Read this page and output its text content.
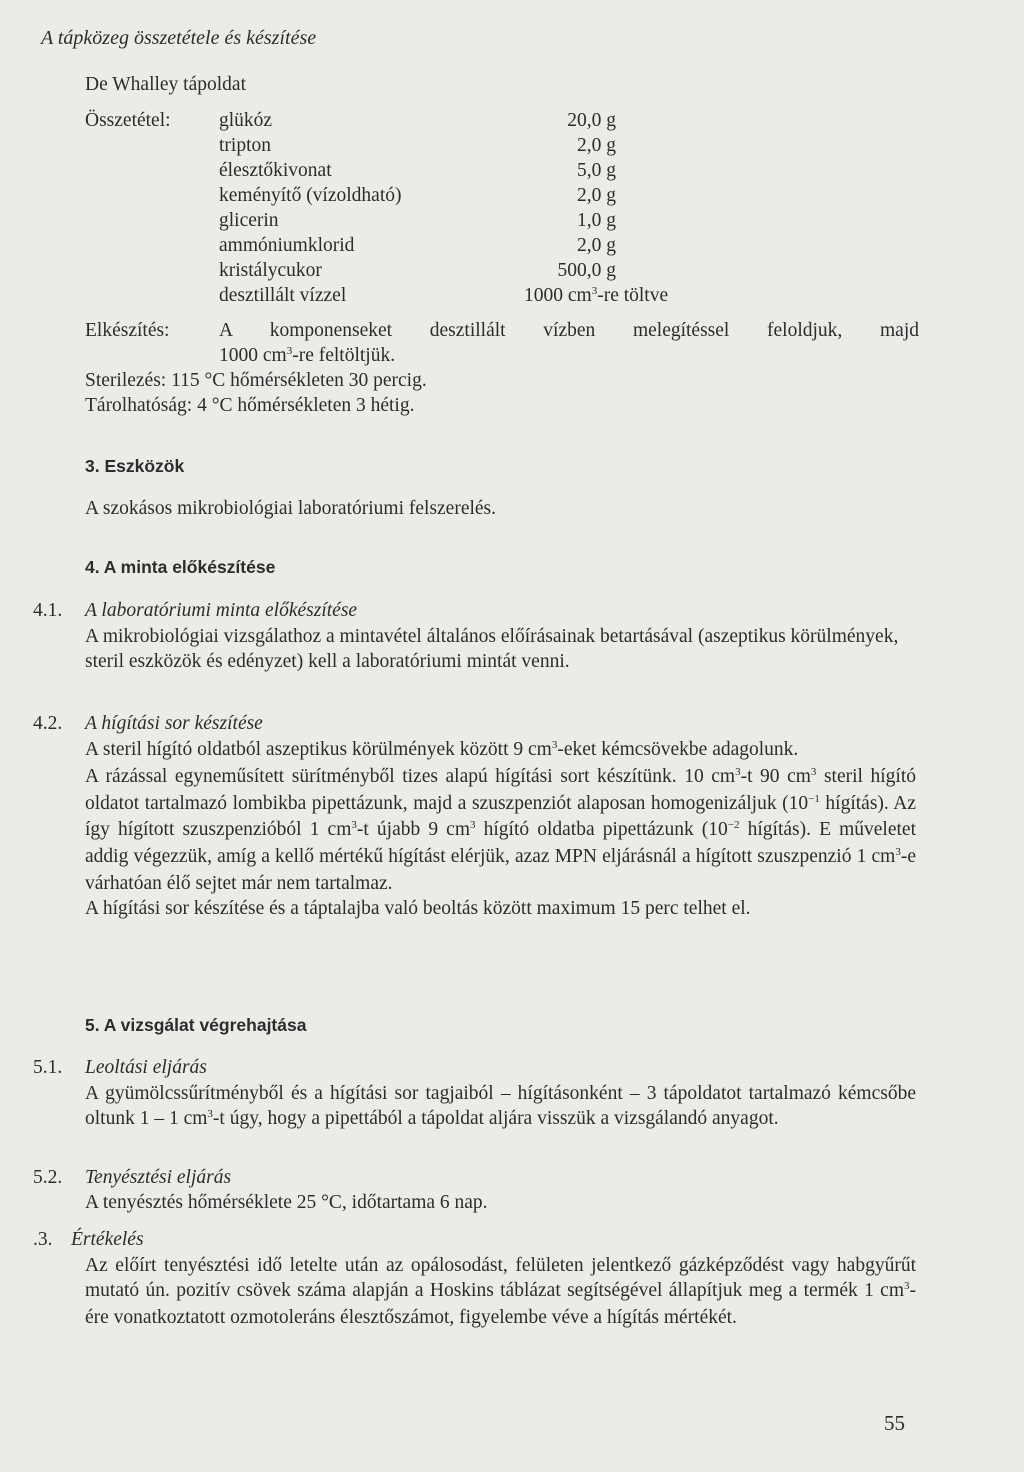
A tápközeg összetétele és készítése
De Whalley tápoldat
Összetétel: glükóz	20,0 g
tripton	2,0 g
élesztőkivonat	5,0 g
keményítő (vízoldható)	2,0 g
glicerin	1,0 g
ammóniumklorid	2,0 g
kristálycukor	500,0 g
desztillált vízzel	1000 $cm^3-re$ töltve
Elkészítés:	A komponenseket desztillált vízben melegítéssel feloldjuk, majd
1000 $cm^3-re$ feltöltjük.
Sterilezés: 115 °C hőmérsékleten 30 percig.
Tárolhatóság: 4 °C hőmérsékleten 3 hétig.
3. Eszközök
A szokásos mikrobiológiai laboratóriumi felszerelés.
4. A minta előkészítése
4.1. A laboratóriumi minta előkészítése

A mikrobiológiai vizsgálathoz a mintavétel általános előírásainak betartásával (aszeptikus körülmények, steril eszközök és edényzet) kell a laboratóriumi mintát venni.

4.2. A hígítási sor készítése

A steril hígító oldatból aszeptikus körülmények között 9 $cm^3$-eket kémcsövekbe adagolunk.

A rázással egyneműsített sürítményből tizes alapú hígítási sort készítünk. 10 $cm^3-t$ 90 $cm^3$ steril hígító oldatot tartalmazó lombikba pipettázunk, majd a szuszpenziót alaposan homogenizáljuk ($10^{-1}$ hígítás). Az így hígított szuszpenzióból 1 $cm^3-t$ újabb 9 $cm^3$ hígító oldatba pipettázunk ($10^{-2}$ hígítás). E műveletet addig végezzük, amíg a kellő mértékű hígítást elérjük, azaz MPN eljárásnál a hígított szuszpenzió 1 $cm^3-e$ várhatóan élő sejtet már nem tartalmaz.

A hígítási sor készítése és a táptalajba való beoltás között maximum 15 perc telhet el.

5. A vizsgálat végrehajtása
5.1. Leoltási eljárás

A gyümölcssűrítményből és a hígítási sor tagjaiból – hígításonként – 3 tápoldatot tartalmazó kémcsőbe oltunk 1 – 1 $cm^3-t$ úgy, hogy a pipettából a tápoldat aljára visszük a vizsgálandó anyagot.

5.2. Tenyésztési eljárás
A tenyésztés hőmérséklete 25 °C, időtartama 6 nap.
.3. Értékelés

Az előírt tenyésztési idő letelte után az opálosodást, felületen jelentkező gázképződést vagy habgyűrűt mutató ún. pozitív csövek száma alapján a Hoskins táblázat segítségével állapítjuk meg a termék 1 $cm^3$-ére vonatkoztatott ozmotoleráns élesztőszámot, figyelembe véve a hígítás mértékét.

55
